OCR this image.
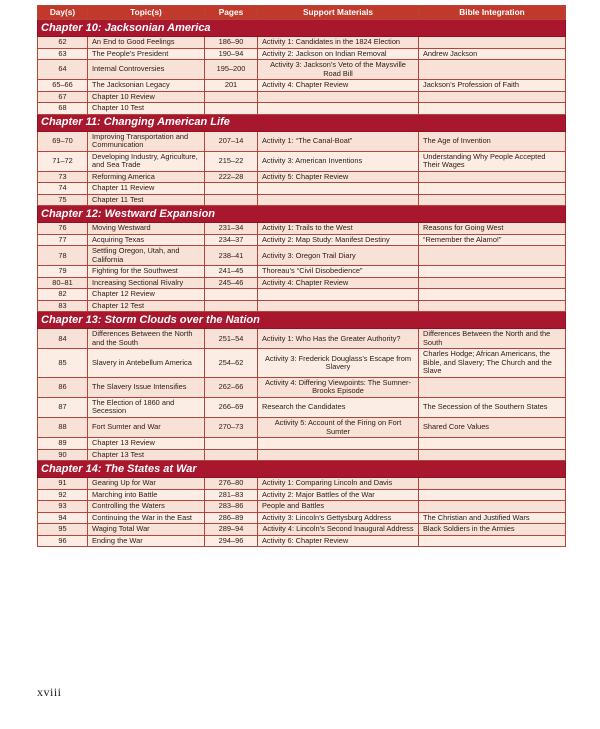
Day(s)	Topic(s)	Pages	Support Materials	Bible Integration
Chapter 10: Jacksonian America				
62	An End to Good Feelings	186–90	Activity 1: Candidates in the 1824 Election	
63	The People’s President	190–94	Activity 2: Jackson on Indian Removal	Andrew Jackson
64	Internal Controversies	195–200	Activity 3: Jackson’s Veto of the Maysville Road Bill	
65–66	The Jacksonian Legacy	201	Activity 4: Chapter Review	Jackson’s Profession of Faith
67	Chapter 10 Review			
68	Chapter 10 Test			
Chapter 11: Changing American Life				
69–70	Improving Transportation and Communication	207–14	Activity 1: “The Canal-Boat”	The Age of Invention
71–72	Developing Industry, Agriculture, and Sea Trade	215–22	Activity 3: American Inventions	Understanding Why People Accepted Their Wages
73	Reforming America	222–28	Activity 5: Chapter Review	
74	Chapter 11 Review			
75	Chapter 11 Test			
Chapter 12: Westward Expansion				
76	Moving Westward	231–34	Activity 1: Trails to the West	Reasons for Going West
77	Acquiring Texas	234–37	Activity 2: Map Study: Manifest Destiny	“Remember the Alamo!”
78	Settling Oregon, Utah, and California	238–41	Activity 3: Oregon Trail Diary	
79	Fighting for the Southwest	241–45	Thoreau’s “Civil Disobedience”	
80–81	Increasing Sectional Rivalry	245–46	Activity 4: Chapter Review	
82	Chapter 12 Review			
83	Chapter 12 Test			
Chapter 13: Storm Clouds over the Nation				
84	Differences Between the North and the South	251–54	Activity 1: Who Has the Greater Authority?	Differences Between the North and the South
85	Slavery in Antebellum America	254–62	Activity 3: Frederick Douglass’s Escape from Slavery	Charles Hodge; African Americans, the Bible, and Slavery; The Church and the Slave
86	The Slavery Issue Intensifies	262–66	Activity 4: Differing Viewpoints: The Sumner-Brooks Episode	
87	The Election of 1860 and Secession	266–69	Research the Candidates	The Secession of the Southern States
88	Fort Sumter and War	270–73	Activity 5: Account of the Firing on Fort Sumter	Shared Core Values
89	Chapter 13 Review			
90	Chapter 13 Test			
Chapter 14: The States at War				
91	Gearing Up for War	276–80	Activity 1: Comparing Lincoln and Davis	
92	Marching into Battle	281–83	Activity 2: Major Battles of the War	
93	Controlling the Waters	283–86	People and Battles	
94	Continuing the War in the East	286–89	Activity 3: Lincoln’s Gettysburg Address	The Christian and Justified Wars
95	Waging Total War	289–94	Activity 4: Lincoln’s Second Inaugural Address	Black Soldiers in the Armies
96	Ending the War	294–96	Activity 6: Chapter Review	
xviii
